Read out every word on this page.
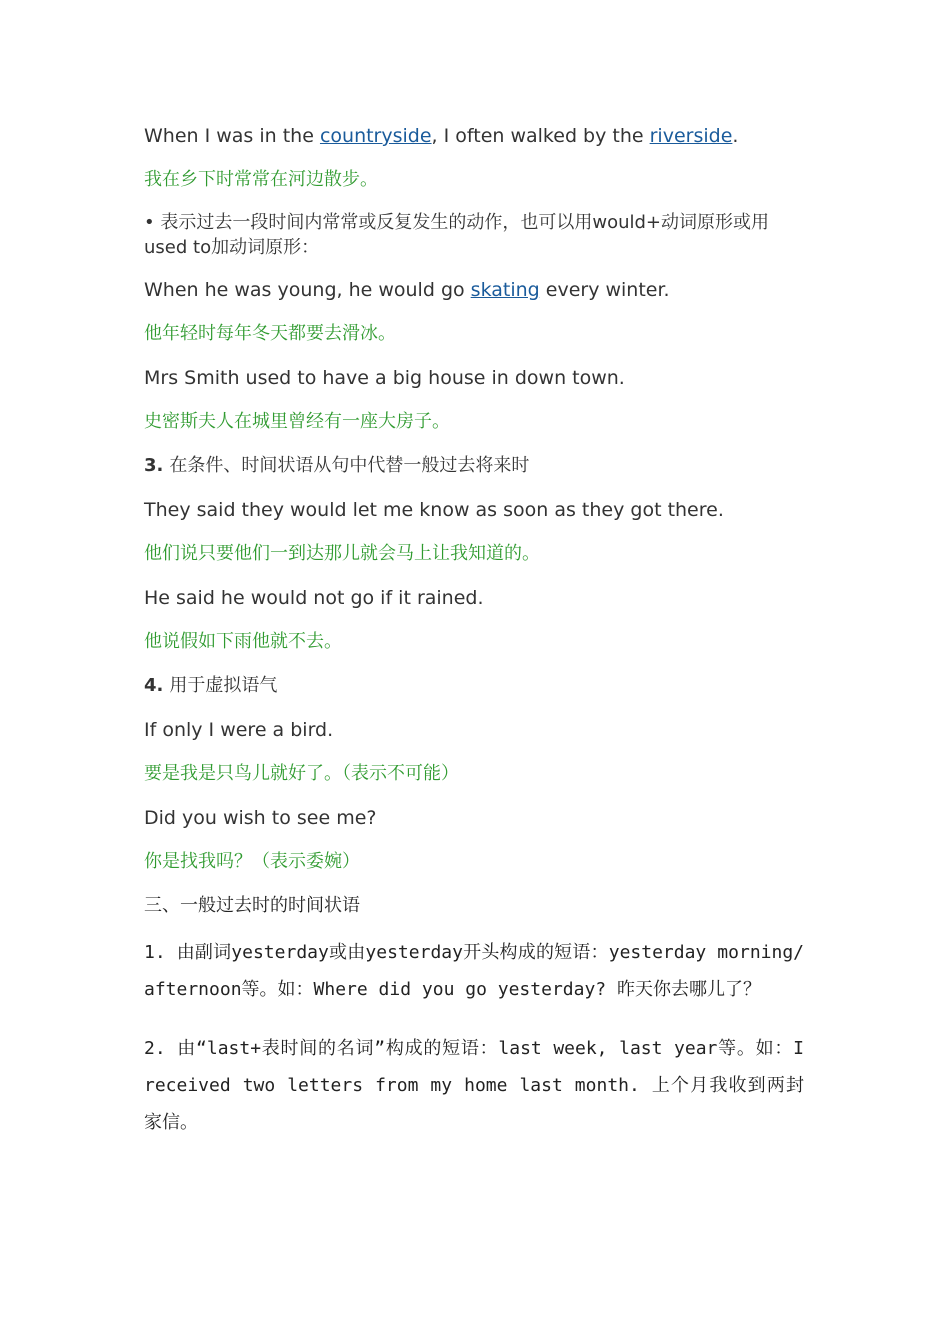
When I was in the countryside, I often walked by the riverside.

我在乡下时常常在河边散步。

• 表示过去一段时间内常常或反复发生的动作，也可以用would+动词原形或用used to加动词原形：

When he was young, he would go skating every winter.

他年轻时每年冬天都要去滑冰。

Mrs Smith used to have a big house in down town.

史密斯夫人在城里曾经有一座大房子。

3. 在条件、时间状语从句中代替一般过去将来时

They said they would let me know as soon as they got there.

他们说只要他们一到达那儿就会马上让我知道的。

He said he would not go if it rained.

他说假如下雨他就不去。

4. 用于虚拟语气

If only I were a bird.

要是我是只鸟儿就好了。（表示不可能）

Did you wish to see me?

你是找我吗？（表示委婉）

三、一般过去时的时间状语

1. 由副词yesterday或由yesterday开头构成的短语：yesterday morning/ afternoon等。如：Where did you go yesterday? 昨天你去哪儿了？

2. 由“last+表时间的名词”构成的短语：last week, last year等。如：I received two letters from my home last month. 上个月我收到两封家信。
